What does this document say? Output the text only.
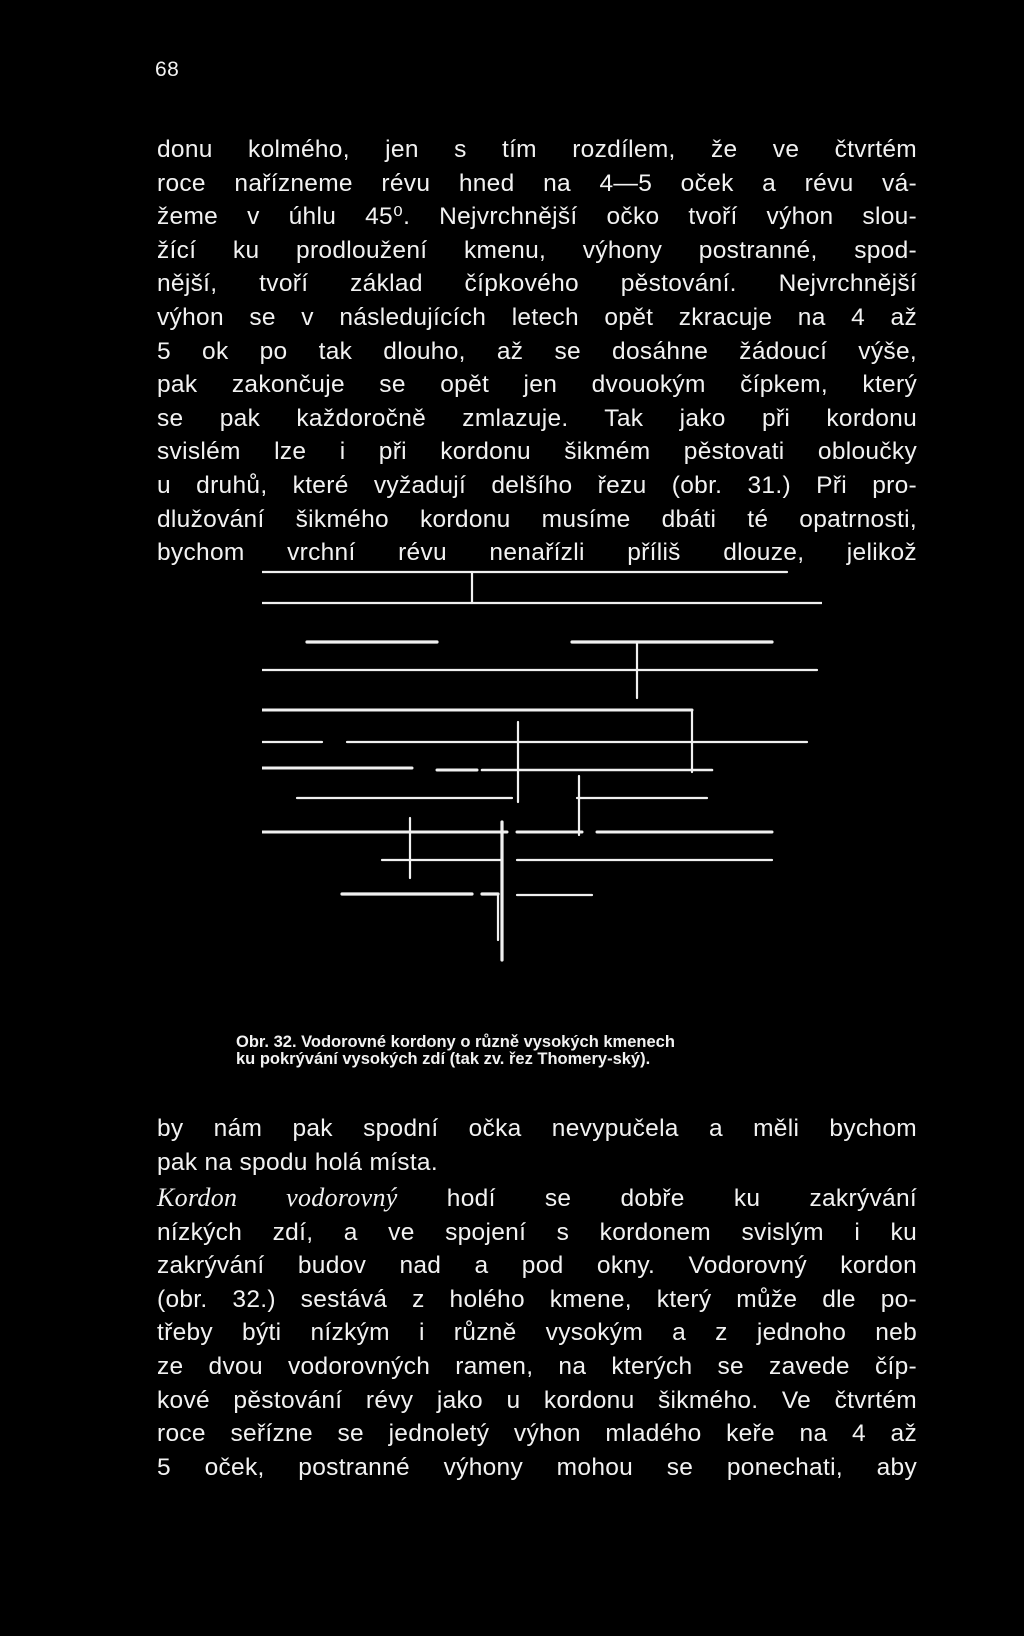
68
donu kolmého, jen s tím rozdílem, že ve čtvrtém
roce nařízneme révu hned na 4—5 oček a révu vá-
žeme v úhlu 45⁰. Nejvrchnější očko tvoří výhon slou-
žící ku prodloužení kmenu, výhony postranné, spod-
nější, tvoří základ čípkového pěstování. Nejvrchnější
výhon se v následujících letech opět zkracuje na 4 až
5 ok po tak dlouho, až se dosáhne žádoucí výše,
pak zakončuje se opět jen dvouokým čípkem, který
se pak každoročně zmlazuje. Tak jako při kordonu
svislém lze i při kordonu šikmém pěstovati obloučky
u druhů, které vyžadují delšího řezu (obr. 31.) Při pro-
dlužování šikmého kordonu musíme dbáti té opatrnosti,
bychom vrchní révu nenařízli příliš dlouze, jelikož
Obr. 32. Vodorovné kordony o různě vysokých kmenech
ku pokrývání vysokých zdí (tak zv. řez Thomery-ský).
by nám pak spodní očka nevypučela a měli bychom
pak na spodu holá místa.
Kordon vodorovný hodí se dobře ku zakrývání
nízkých zdí, a ve spojení s kordonem svislým i ku
zakrývání budov nad a pod okny. Vodorovný kordon
(obr. 32.) sestává z holého kmene, který může dle po-
třeby býti nízkým i různě vysokým a z jednoho neb
ze dvou vodorovných ramen, na kterých se zavede číp-
kové pěstování révy jako u kordonu šikmého. Ve čtvrtém
roce seřízne se jednoletý výhon mladého keře na 4 až
5 oček, postranné výhony mohou se ponechati, aby
